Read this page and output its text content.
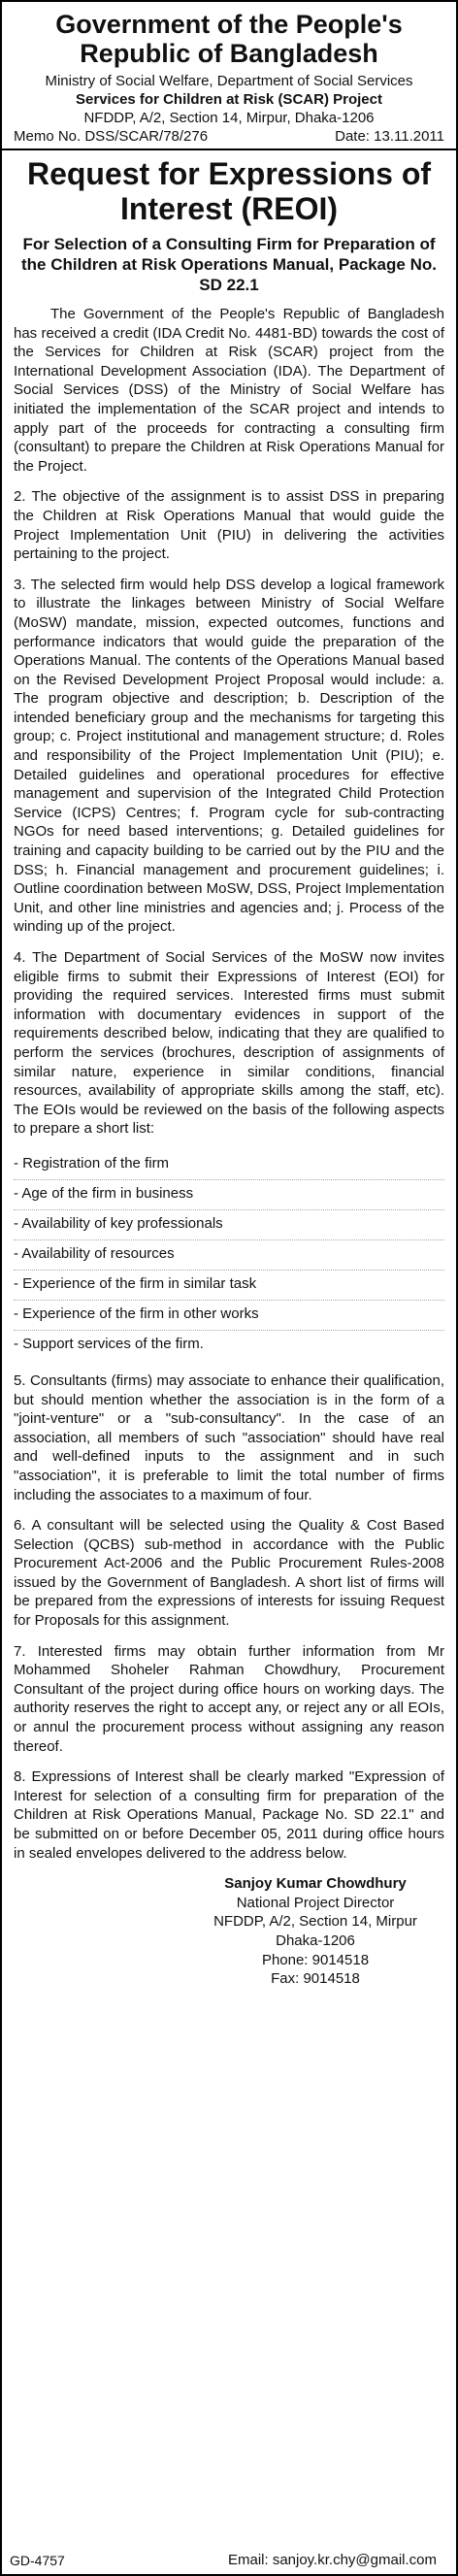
Government of the People's Republic of Bangladesh

Ministry of Social Welfare, Department of Social Services

Services for Children at Risk (SCAR) Project

NFDDP, A/2, Section 14, Mirpur, Dhaka-1206

Memo No. DSS/SCAR/78/276	Date: 13.11.2011
Request for Expressions of Interest (REOI)
For Selection of a Consulting Firm for Preparation of the Children at Risk Operations Manual, Package No. SD 22.1

The Government of the People's Republic of Bangladesh has received a credit (IDA Credit No. 4481-BD) towards the cost of the Services for Children at Risk (SCAR) project from the International Development Association (IDA). The Department of Social Services (DSS) of the Ministry of Social Welfare has initiated the implementation of the SCAR project and intends to apply part of the proceeds for contracting a consulting firm (consultant) to prepare the Children at Risk Operations Manual for the Project.

2. The objective of the assignment is to assist DSS in preparing the Children at Risk Operations Manual that would guide the Project Implementation Unit (PIU) in delivering the activities pertaining to the project.

3. The selected firm would help DSS develop a logical framework to illustrate the linkages between Ministry of Social Welfare (MoSW) mandate, mission, expected outcomes, functions and performance indicators that would guide the preparation of the Operations Manual. The contents of the Operations Manual based on the Revised Development Project Proposal would include: a. The program objective and description; b. Description of the intended beneficiary group and the mechanisms for targeting this group; c. Project institutional and management structure; d. Roles and responsibility of the Project Implementation Unit (PIU); e. Detailed guidelines and operational procedures for effective management and supervision of the Integrated Child Protection Service (ICPS) Centres; f. Program cycle for sub-contracting NGOs for need based interventions; g. Detailed guidelines for training and capacity building to be carried out by the PIU and the DSS; h. Financial management and procurement guidelines; i. Outline coordination between MoSW, DSS, Project Implementation Unit, and other line ministries and agencies and; j. Process of the winding up of the project.

4. The Department of Social Services of the MoSW now invites eligible firms to submit their Expressions of Interest (EOI) for providing the required services. Interested firms must submit information with documentary evidences in support of the requirements described below, indicating that they are qualified to perform the services (brochures, description of assignments of similar nature, experience in similar conditions, financial resources, availability of appropriate skills among the staff, etc). The EOIs would be reviewed on the basis of the following aspects to prepare a short list:

- Registration of the firm
- Age of the firm in business
- Availability of key professionals
- Availability of resources
- Experience of the firm in similar task
- Experience of the firm in other works
- Support services of the firm.

5. Consultants (firms) may associate to enhance their qualification, but should mention whether the association is in the form of a "joint-venture" or a "sub-consultancy". In the case of an association, all members of such "association" should have real and well-defined inputs to the assignment and in such "association", it is preferable to limit the total number of firms including the associates to a maximum of four.

6. A consultant will be selected using the Quality & Cost Based Selection (QCBS) sub-method in accordance with the Public Procurement Act-2006 and the Public Procurement Rules-2008 issued by the Government of Bangladesh. A short list of firms will be prepared from the expressions of interests for issuing Request for Proposals for this assignment.

7. Interested firms may obtain further information from Mr Mohammed Shoheler Rahman Chowdhury, Procurement Consultant of the project during office hours on working days. The authority reserves the right to accept any, or reject any or all EOIs, or annul the procurement process without assigning any reason thereof.

8. Expressions of Interest shall be clearly marked "Expression of Interest for selection of a consulting firm for preparation of the Children at Risk Operations Manual, Package No. SD 22.1" and be submitted on or before December 05, 2011 during office hours in sealed envelopes delivered to the address below.

Sanjoy Kumar Chowdhury
National Project Director
NFDDP, A/2, Section 14, Mirpur
Dhaka-1206
Phone: 9014518
Fax: 9014518
GD-4757	Email: sanjoy.kr.chy@gmail.com
